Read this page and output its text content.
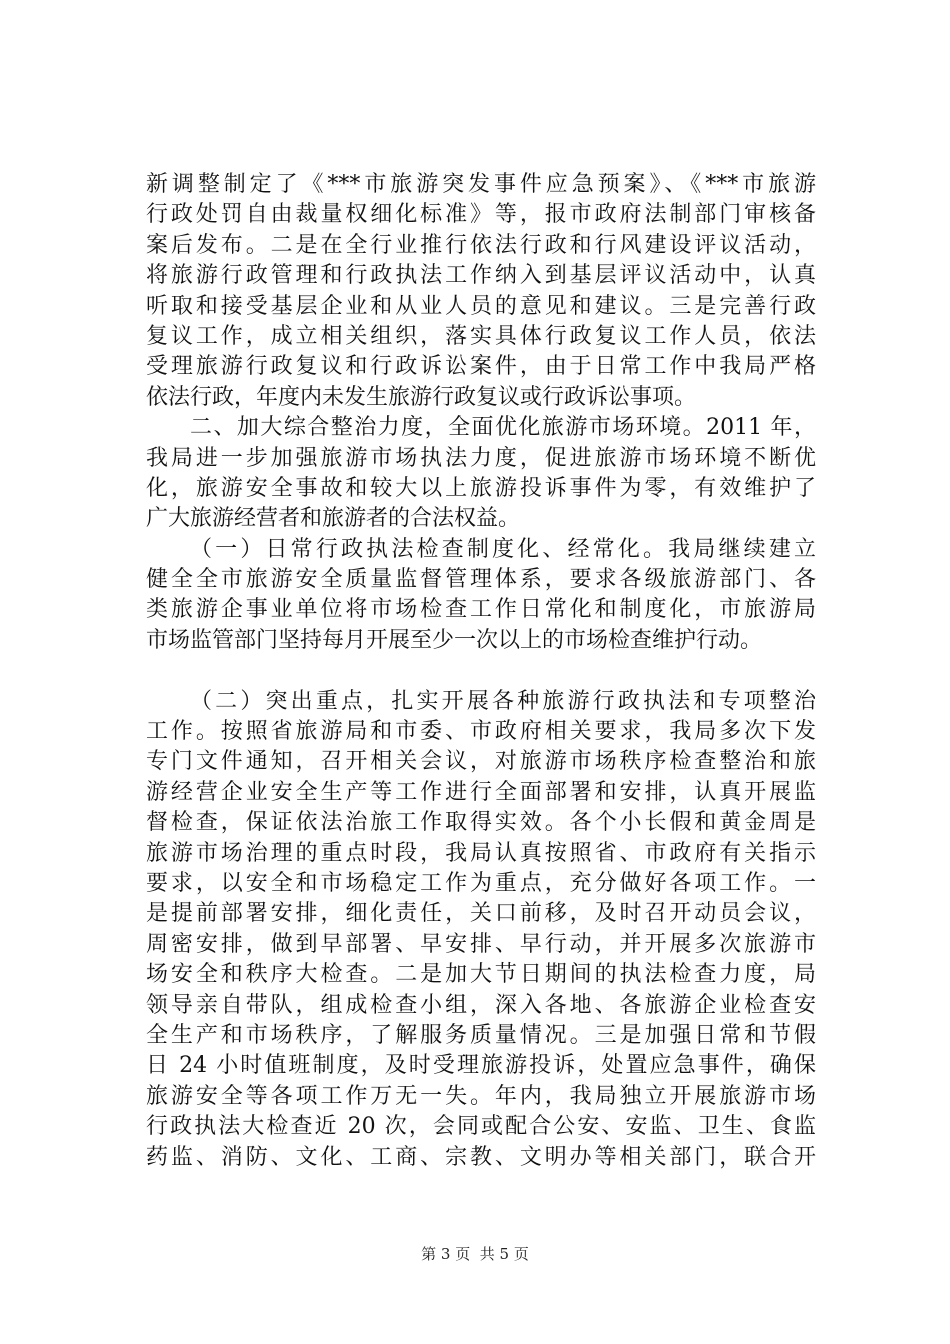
新调整制定了《***市旅游突发事件应急预案》、《***市旅游
行政处罚自由裁量权细化标准》等，报市政府法制部门审核备
案后发布。二是在全行业推行依法行政和行风建设评议活动，
将旅游行政管理和行政执法工作纳入到基层评议活动中，认真
听取和接受基层企业和从业人员的意见和建议。三是完善行政
复议工作，成立相关组织，落实具体行政复议工作人员，依法
受理旅游行政复议和行政诉讼案件，由于日常工作中我局严格
依法行政，年度内未发生旅游行政复议或行政诉讼事项。
二、加大综合整治力度，全面优化旅游市场环境。2011 年，
我局进一步加强旅游市场执法力度，促进旅游市场环境不断优
化，旅游安全事故和较大以上旅游投诉事件为零，有效维护了
广大旅游经营者和旅游者的合法权益。
（一）日常行政执法检查制度化、经常化。我局继续建立
健全全市旅游安全质量监督管理体系，要求各级旅游部门、各
类旅游企事业单位将市场检查工作日常化和制度化，市旅游局
市场监管部门坚持每月开展至少一次以上的市场检查维护行动。
（二）突出重点，扎实开展各种旅游行政执法和专项整治
工作。按照省旅游局和市委、市政府相关要求，我局多次下发
专门文件通知，召开相关会议，对旅游市场秩序检查整治和旅
游经营企业安全生产等工作进行全面部署和安排，认真开展监
督检查，保证依法治旅工作取得实效。各个小长假和黄金周是
旅游市场治理的重点时段，我局认真按照省、市政府有关指示
要求，以安全和市场稳定工作为重点，充分做好各项工作。一
是提前部署安排，细化责任，关口前移，及时召开动员会议，
周密安排，做到早部署、早安排、早行动，并开展多次旅游市
场安全和秩序大检查。二是加大节日期间的执法检查力度，局
领导亲自带队，组成检查小组，深入各地、各旅游企业检查安
全生产和市场秩序，了解服务质量情况。三是加强日常和节假
日 24 小时值班制度，及时受理旅游投诉，处置应急事件，确保
旅游安全等各项工作万无一失。年内，我局独立开展旅游市场
行政执法大检查近 20 次，会同或配合公安、安监、卫生、食监
药监、消防、文化、工商、宗教、文明办等相关部门，联合开
第 3 页  共 5 页
